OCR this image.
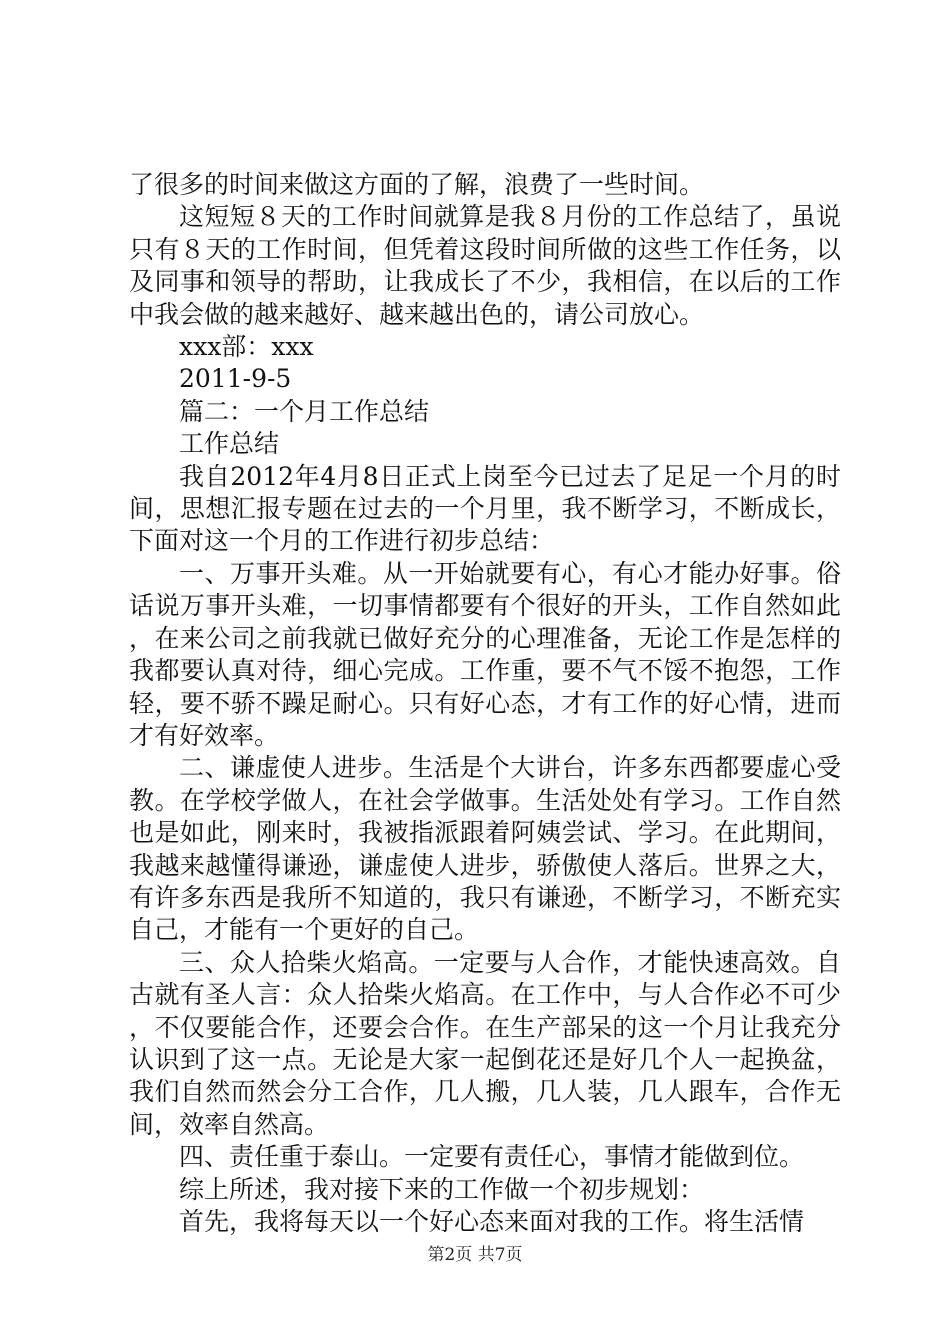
了很多的时间来做这方面的了解，浪费了一些时间。

这短短８天的工作时间就算是我８月份的工作总结了，虽说只有８天的工作时间，但凭着这段时间所做的这些工作任务，以及同事和领导的帮助，让我成长了不少，我相信，在以后的工作中我会做的越来越好、越来越出色的，请公司放心。

xxx部：xxx

2011-9-5

篇二：一个月工作总结

工作总结

我自2012年4月8日正式上岗至今已过去了足足一个月的时间，思想汇报专题在过去的一个月里，我不断学习，不断成长，下面对这一个月的工作进行初步总结：

一、万事开头难。从一开始就要有心，有心才能办好事。俗话说万事开头难，一切事情都要有个很好的开头，工作自然如此，在来公司之前我就已做好充分的心理准备，无论工作是怎样的我都要认真对待，细心完成。工作重，要不气不馁不抱怨，工作轻，要不骄不躁足耐心。只有好心态，才有工作的好心情，进而才有好效率。

二、谦虚使人进步。生活是个大讲台，许多东西都要虚心受教。在学校学做人，在社会学做事。生活处处有学习。工作自然也是如此，刚来时，我被指派跟着阿姨尝试、学习。在此期间，我越来越懂得谦逊，谦虚使人进步，骄傲使人落后。世界之大，有许多东西是我所不知道的，我只有谦逊，不断学习，不断充实自己，才能有一个更好的自己。

三、众人拾柴火焰高。一定要与人合作，才能快速高效。自古就有圣人言：众人拾柴火焰高。在工作中，与人合作必不可少，不仅要能合作，还要会合作。在生产部呆的这一个月让我充分认识到了这一点。无论是大家一起倒花还是好几个人一起换盆，我们自然而然会分工合作，几人搬，几人装，几人跟车，合作无间，效率自然高。

四、责任重于泰山。一定要有责任心，事情才能做到位。

综上所述，我对接下来的工作做一个初步规划：

首先，我将每天以一个好心态来面对我的工作。将生活情

第2页 共7页
